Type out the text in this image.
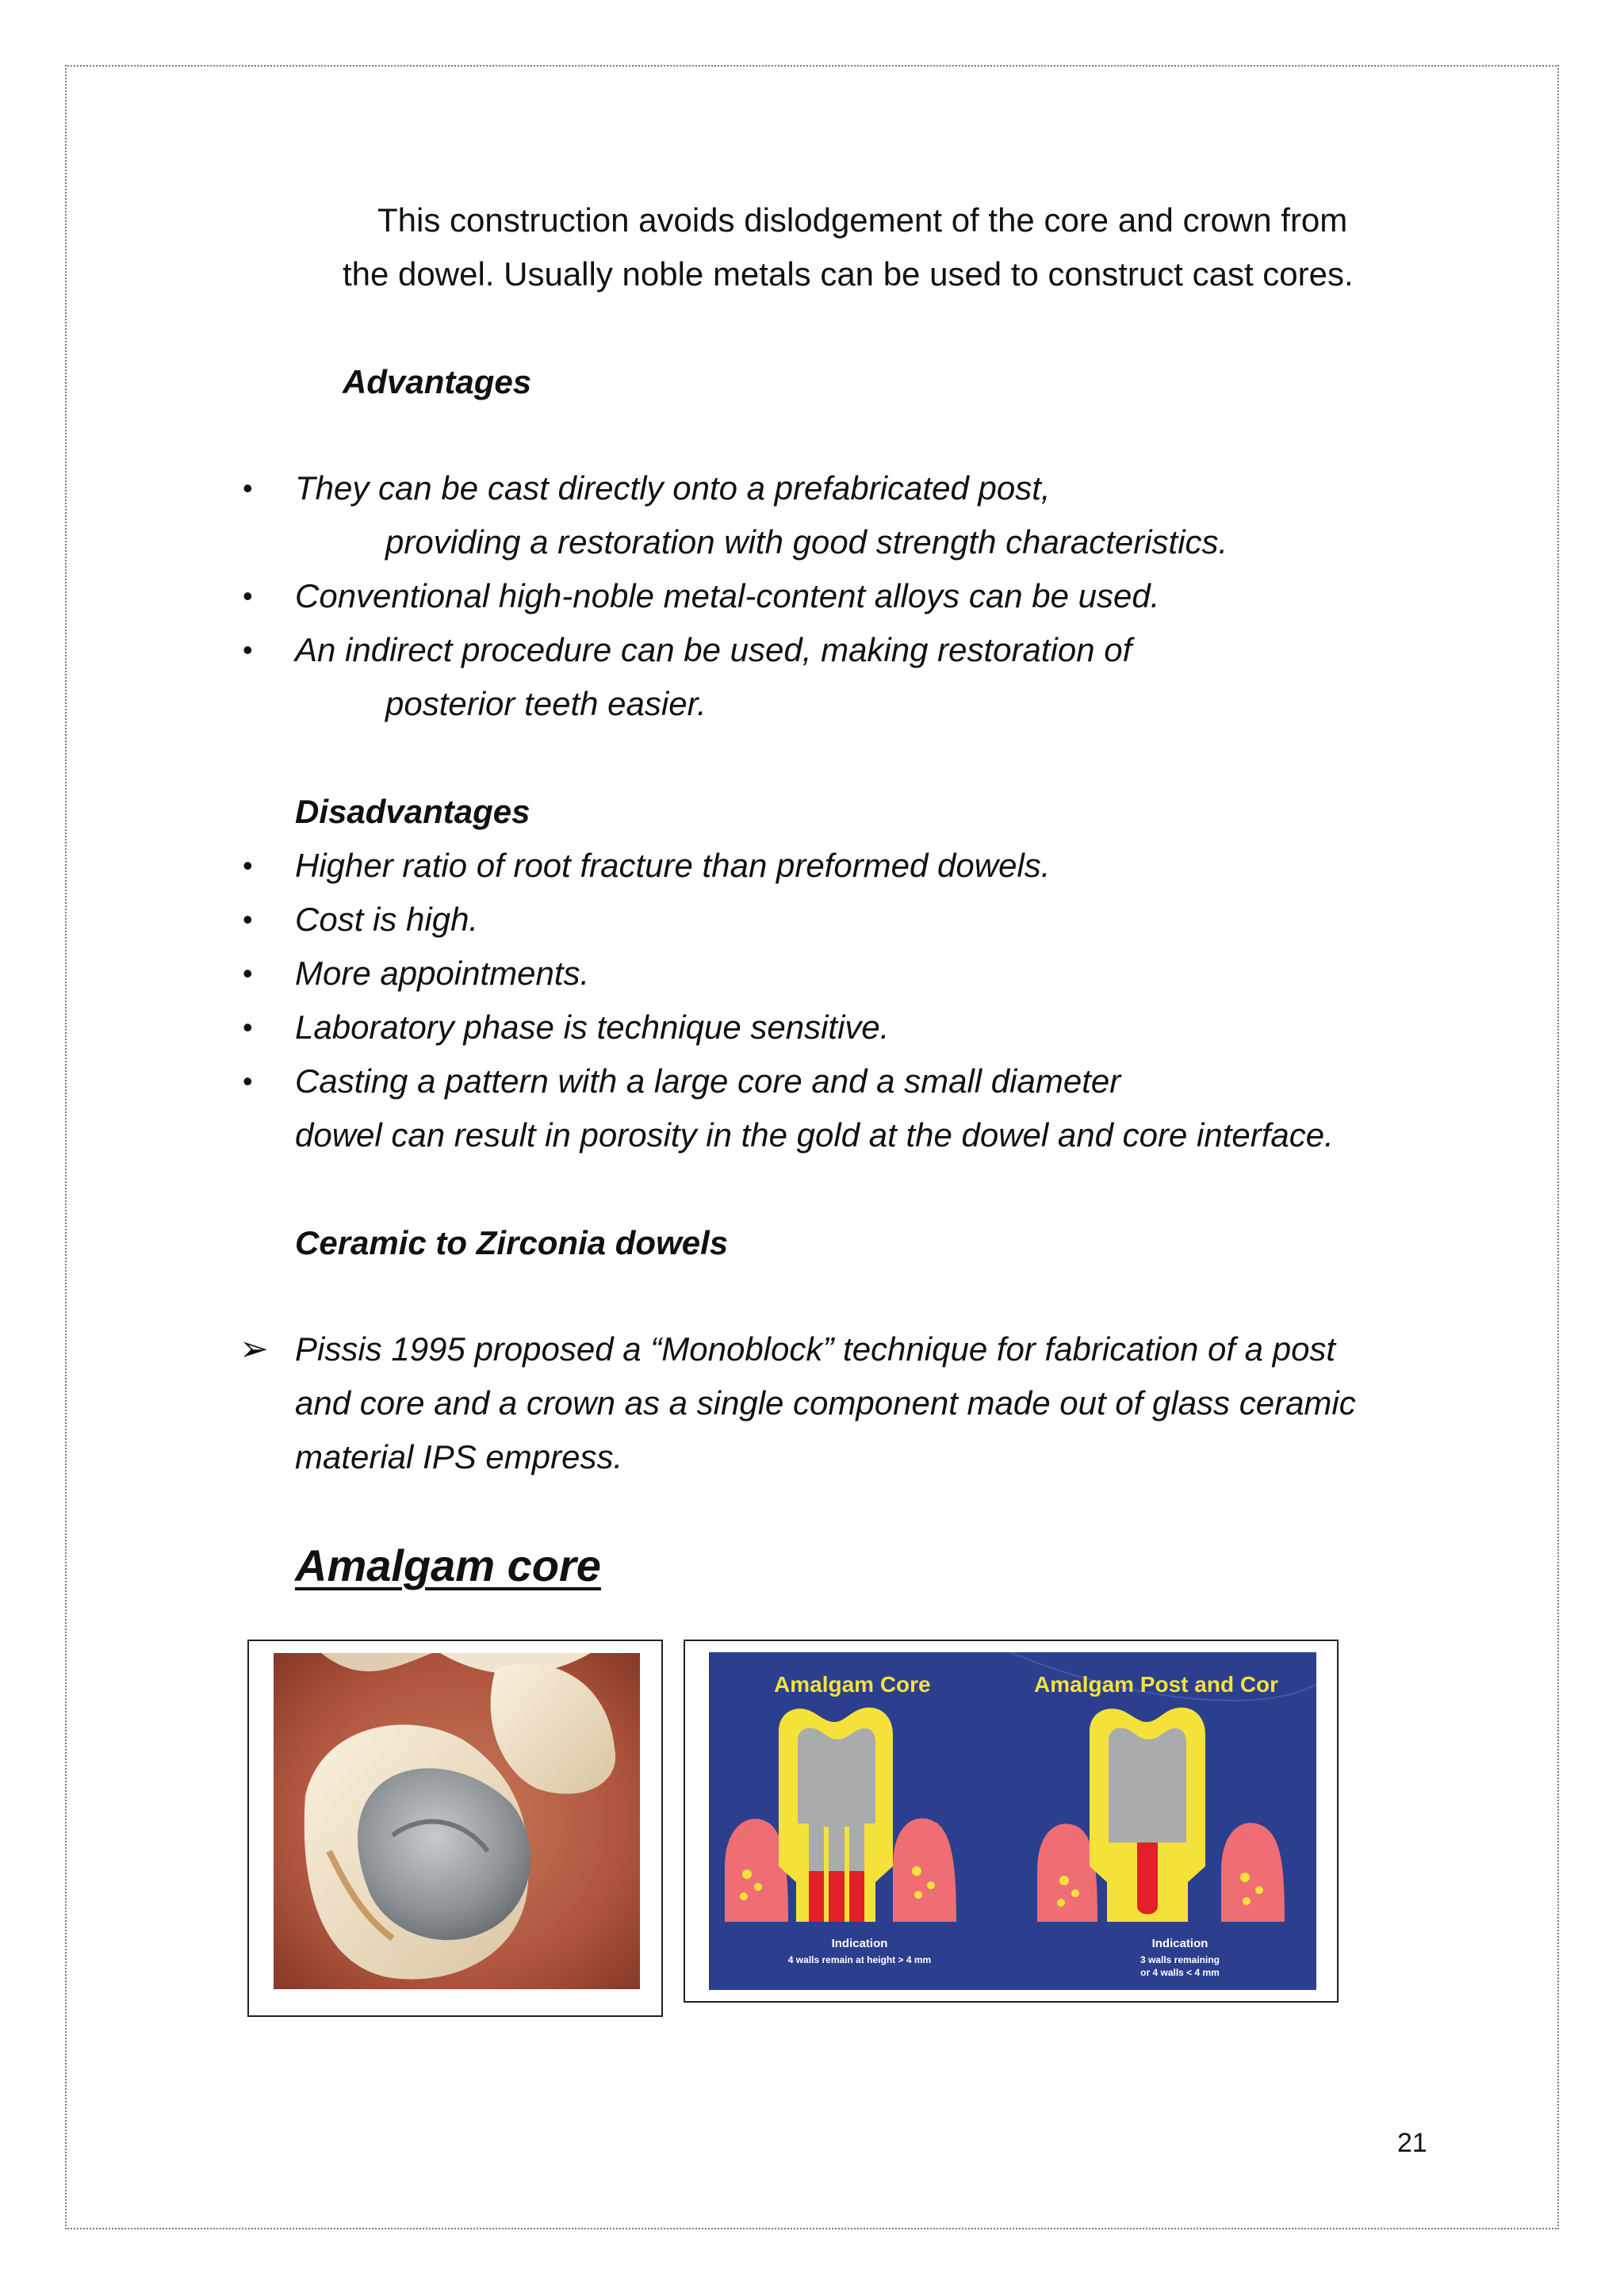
This construction avoids dislodgement of the core and crown from
the dowel. Usually noble metals can be used to construct cast cores.
Advantages
• They can be cast directly onto a prefabricated post,
providing a restoration with good strength characteristics.
• Conventional high-noble metal-content alloys can be used.
• An indirect procedure can be used, making restoration of
posterior teeth easier.
Disadvantages
• Higher ratio of root fracture than preformed dowels.
• Cost is high.
• More appointments.
• Laboratory phase is technique sensitive.
• Casting a pattern with a large core and a small diameter
dowel can result in porosity in the gold at the dowel and core interface.
Ceramic to Zirconia dowels
➢ Pissis 1995 proposed a “Monoblock” technique for fabrication of a post
and core and a crown as a single component made out of glass ceramic
material IPS empress.
Amalgam core
Amalgam Core	Amalgam Post and Cor
Indication
4 walls remain at height > 4 mm
Indication
3 walls remaining
or 4 walls < 4 mm
21
